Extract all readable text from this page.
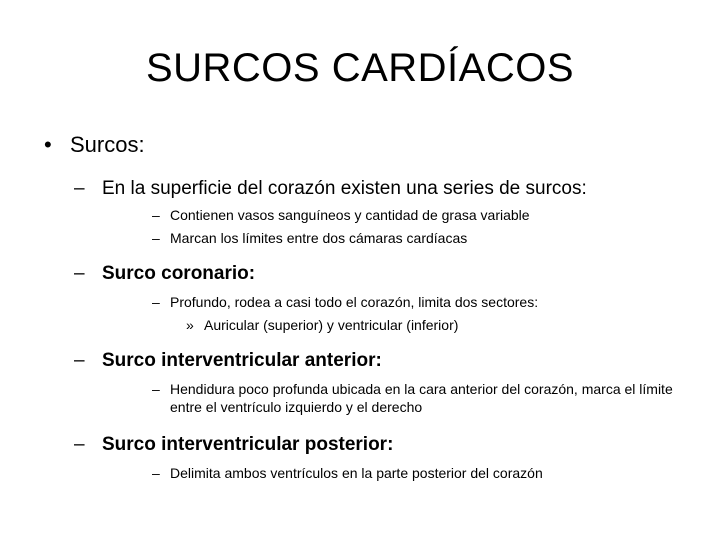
SURCOS CARDÍACOS
• Surcos:
– En la superficie del corazón existen una series de surcos:
– Contienen vasos sanguíneos y cantidad de grasa variable
– Marcan los límites entre dos cámaras cardíacas
– Surco coronario:
– Profundo, rodea a casi todo el corazón, limita dos sectores:
» Auricular (superior) y ventricular (inferior)
– Surco interventricular anterior:
– Hendidura poco profunda ubicada en la cara anterior del corazón, marca el límite entre el ventrículo izquierdo y el derecho
– Surco interventricular posterior:
– Delimita ambos ventrículos en la parte posterior del corazón
